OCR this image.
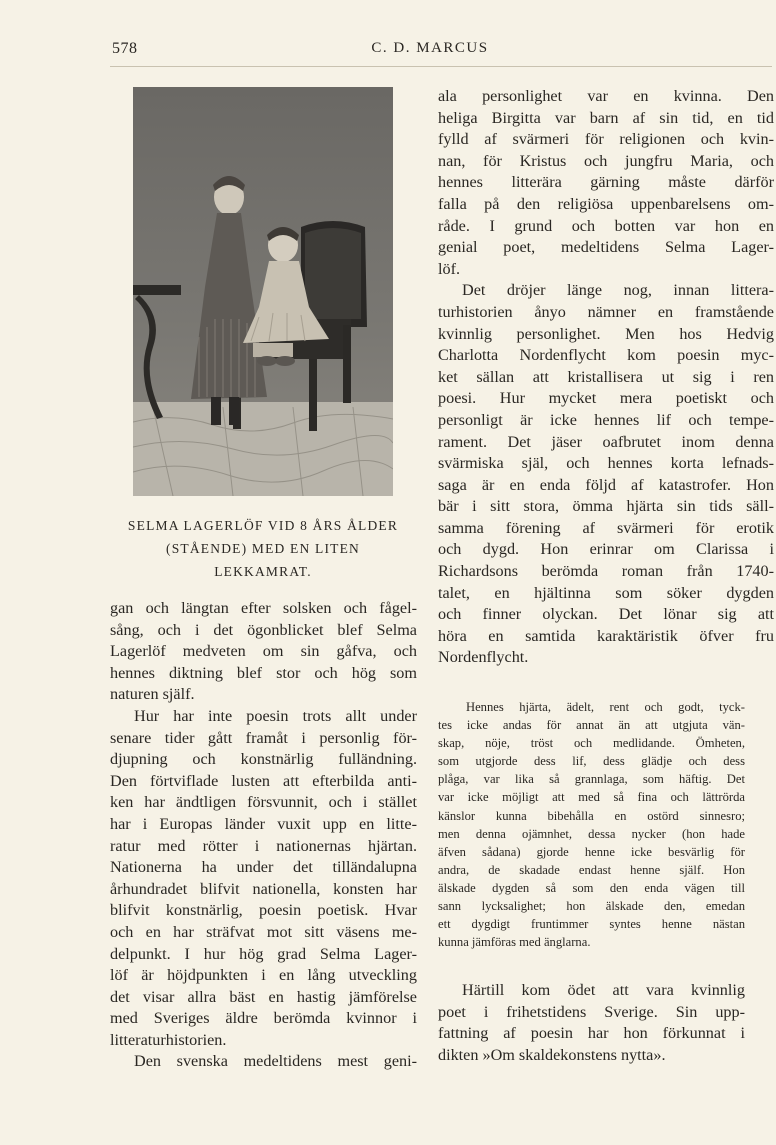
578	C. D. MARCUS
SELMA LAGERLÖF VID 8 ÅRS ÅLDER
(STÅENDE) MED EN LITEN
LEKKAMRAT.
gan och längtan efter solsken och fågel-
sång, och i det ögonblicket blef Selma
Lagerlöf medveten om sin gåfva, och
hennes diktning blef stor och hög som
naturen själf.
Hur har inte poesin trots allt under
senare tider gått framåt i personlig för-
djupning och konstnärlig fulländning.
Den förtviflade lusten att efterbilda anti-
ken har ändtligen försvunnit, och i stället
har i Europas länder vuxit upp en litte-
ratur med rötter i nationernas hjärtan.
Nationerna ha under det tilländalupna
århundradet blifvit nationella, konsten har
blifvit konstnärlig, poesin poetisk. Hvar
och en har sträfvat mot sitt väsens me-
delpunkt. I hur hög grad Selma Lager-
löf är höjdpunkten i en lång utveckling
det visar allra bäst en hastig jämförelse
med Sveriges äldre berömda kvinnor i
litteraturhistorien.
Den svenska medeltidens mest geni-
ala personlighet var en kvinna. Den
heliga Birgitta var barn af sin tid, en tid
fylld af svärmeri för religionen och kvin-
nan, för Kristus och jungfru Maria, och
hennes litterära gärning måste därför
falla på den religiösa uppenbarelsens om-
råde. I grund och botten var hon en
genial poet, medeltidens Selma Lager-
löf.
Det dröjer länge nog, innan littera-
turhistorien ånyo nämner en framstående
kvinnlig personlighet. Men hos Hedvig
Charlotta Nordenflycht kom poesin myc-
ket sällan att kristallisera ut sig i ren
poesi. Hur mycket mera poetiskt och
personligt är icke hennes lif och tempe-
rament. Det jäser oafbrutet inom denna
svärmiska själ, och hennes korta lefnads-
saga är en enda följd af katastrofer. Hon
bär i sitt stora, ömma hjärta sin tids säll-
samma förening af svärmeri för erotik
och dygd. Hon erinrar om Clarissa i
Richardsons berömda roman från 1740-
talet, en hjältinna som söker dygden
och finner olyckan. Det lönar sig att
höra en samtida karaktäristik öfver fru
Nordenflycht.
Hennes hjärta, ädelt, rent och godt, tyck-
tes icke andas för annat än att utgjuta vän-
skap, nöje, tröst och medlidande. Ömheten,
som utgjorde dess lif, dess glädje och dess
plåga, var lika så grannlaga, som häftig. Det
var icke möjligt att med så fina och lättrörda
känslor kunna bibehålla en ostörd sinnesro;
men denna ojämnhet, dessa nycker (hon hade
äfven sådana) gjorde henne icke besvärlig för
andra, de skadade endast henne själf. Hon
älskade dygden så som den enda vägen till
sann lycksalighet; hon älskade den, emedan
ett dygdigt fruntimmer syntes henne nästan
kunna jämföras med änglarna.
Härtill kom ödet att vara kvinnlig
poet i frihetstidens Sverige. Sin upp-
fattning af poesin har hon förkunnat i
dikten »Om skaldekonstens nytta».
